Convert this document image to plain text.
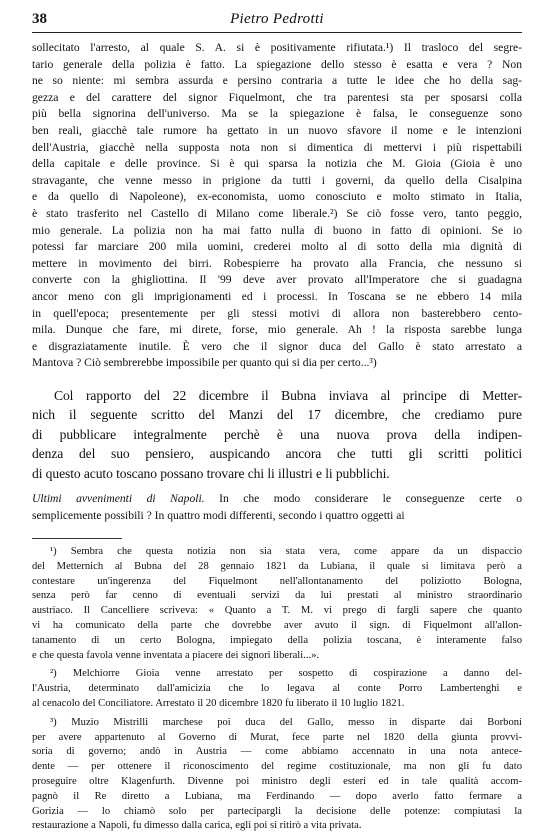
38	Pietro Pedrotti

sollecitato l'arresto, al quale S. A. si è positivamente rifiutata.¹) Il trasloco del segre-
tario generale della polizia è fatto. La spiegazione dello stesso è esatta e vera ? Non
ne so niente: mi sembra assurda e persino contraria a tutte le idee che ho della sag-
gezza e del carattere del signor Fiquelmont, che tra parentesi sta per sposarsi colla
più bella signorina dell'universo. Ma se la spiegazione è falsa, le conseguenze sono
ben reali, giacchè tale rumore ha gettato in un nuovo sfavore il nome e le intenzioni
dell'Austria, giacchè nella supposta nota non si dimentica di mettervi i più rispettabili
della capitale e delle province. Si è qui sparsa la notizia che M. Gioia (Gioia è uno
stravagante, che venne messo in prigione da tutti i governi, da quello della Cisalpina
e da quello di Napoleone), ex-economista, uomo conosciuto e molto stimato in Italia,
è stato trasferito nel Castello di Milano come liberale.²) Se ciò fosse vero, tanto peggio,
mio generale. La polizia non ha mai fatto nulla di buono in fatto di opinioni. Se io
potessi far marciare 200 mila uomini, crederei molto al di sotto della mia dignità di
mettere in movimento dei birri. Robespierre ha provato alla Francia, che nessuno si
converte con la ghigliottina. Il '99 deve aver provato all'Imperatore che si guadagna
ancor meno con gli imprigionamenti ed i processi. In Toscana se ne ebbero 14 mila
in quell'epoca; presentemente per gli stessi motivi di allora non basterebbero cento-
mila. Dunque che fare, mi direte, forse, mio generale. Ah ! la risposta sarebbe lunga
e disgraziatamente inutile. È vero che il signor duca del Gallo è stato arrestato a
Mantova ? Ciò sembrerebbe impossibile per quanto qui si dia per certo...³)

Col rapporto del 22 dicembre il Bubna inviava al principe di Metter-
nich il seguente scritto del Manzi del 17 dicembre, che crediamo pure
di pubblicare integralmente perchè è una nuova prova della indipen-
denza del suo pensiero, auspicando ancora che tutti gli scritti politici
di questo acuto toscano possano trovare chi li illustri e li pubblichi.

Ultimi avvenimenti di Napoli. In che modo considerare le conseguenze certe o
semplicemente possibili ? In quattro modi differenti, secondo i quattro oggetti ai

¹) Sembra che questa notizia non sia stata vera, come appare da un dispaccio
del Metternich al Bubna del 28 gennaio 1821 da Lubiana, il quale si limitava però a
contestare un'ingerenza del Fiquelmont nell'allontanamento del poliziotto Bologna,
senza però far cenno di eventuali servizi da lui prestati al ministro straordinario
austriaco. Il Cancelliere scriveva: « Quanto a T. M. vi prego di fargli sapere che quanto
vi ha comunicato della parte che dovrebbe aver avuto il sign. di Fiquelmont all'allon-
tanamento di un certo Bologna, impiegato della polizia toscana, è interamente falso
e che questa favola venne inventata a piacere dei signori liberali...».
²) Melchiorre Gioia venne arrestato per sospetto di cospirazione a danno del-
l'Austria, determinato dall'amicizia che lo legava al conte Porro Lambertenghi e
al cenacolo del Conciliatore. Arrestato il 20 dicembre 1820 fu liberato il 10 luglio 1821.
³) Muzio Mistrilli marchese poi duca del Gallo, messo in disparte dai Borboni
per avere appartenuto al Governo di Murat, fece parte nel 1820 della giunta provvi-
soria di governo; andò in Austria — come abbiamo accennato in una nota antece-
dente — per ottenere il riconoscimento del regime costituzionale, ma non gli fu dato
proseguire oltre Klagenfurth. Divenne poi ministro degli esteri ed in tale qualità accom-
pagnò il Re diretto a Lubiana, ma Ferdinando — dopo averlo fatto fermare a
Gorizia — lo chiamò solo per partecipargli la decisione delle potenze: compiutasi la
restaurazione a Napoli, fu dimesso dalla carica, egli poi si ritirò a vita privata.
